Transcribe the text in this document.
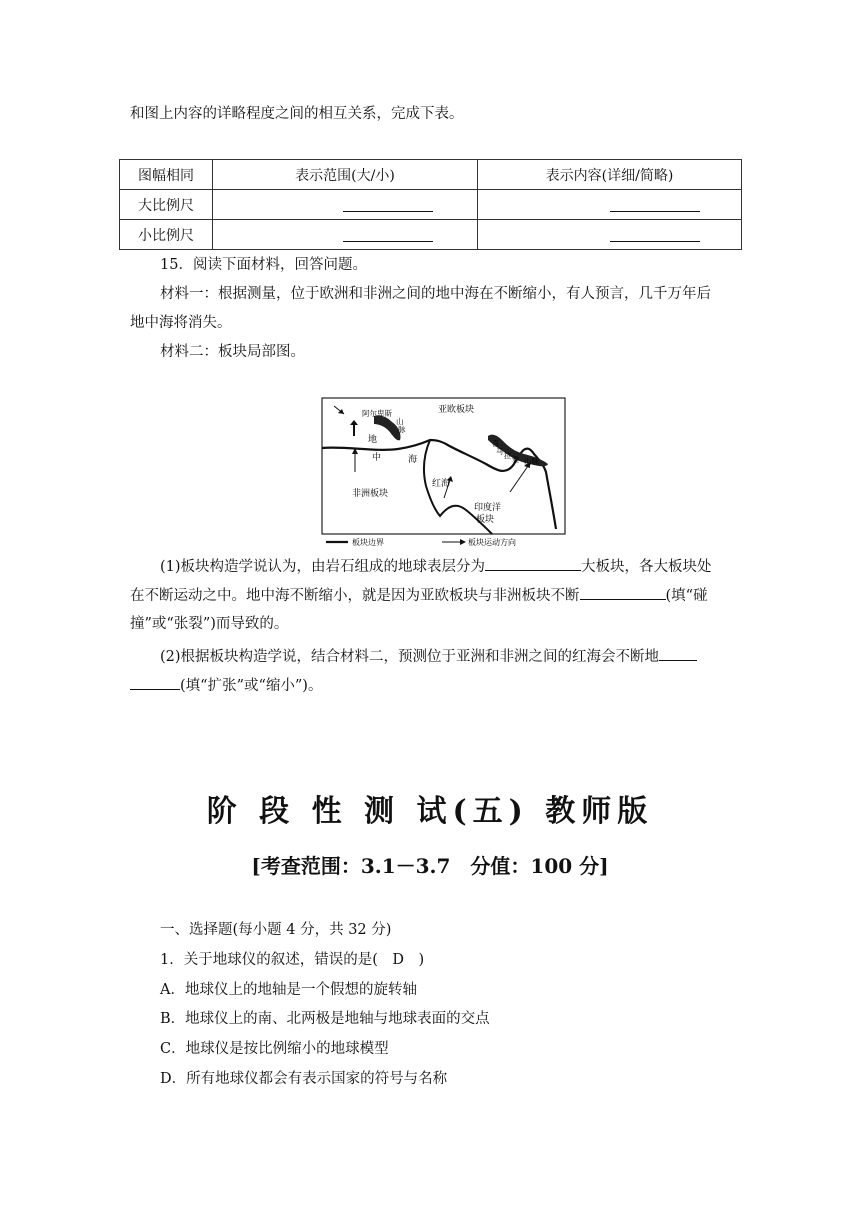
和图上内容的详略程度之间的相互关系，完成下表。
图幅相同	表示范围(大/小)	表示内容(详细/简略)
大比例尺		
小比例尺		
15．阅读下面材料，回答问题。
材料一：根据测量，位于欧洲和非洲之间的地中海在不断缩小，有人预言，几千万年后
地中海将消失。
材料二：板块局部图。
亚欧板块
阿尔卑斯
山
脉
地
中	海
非洲板块
红海
印度洋
板块
喜
马 拉 雅 山脉
板块边界	板块运动方向
(1)板块构造学说认为，由岩石组成的地球表层分为	大板块，各大板块处
在不断运动之中。地中海不断缩小，就是因为亚欧板块与非洲板块不断	(填“碰
撞”或“张裂”)而导致的。
(2)根据板块构造学说，结合材料二，预测位于亚洲和非洲之间的红海会不断地
(填“扩张”或“缩小”)。
阶 段 性 测 试(五) 教师版
[考查范围：3.1－3.7　分值：100 分]
一、选择题(每小题 4 分，共 32 分)
1．关于地球仪的叙述，错误的是(　D　)
A．地球仪上的地轴是一个假想的旋转轴
B．地球仪上的南、北两极是地轴与地球表面的交点
C．地球仪是按比例缩小的地球模型
D．所有地球仪都会有表示国家的符号与名称
